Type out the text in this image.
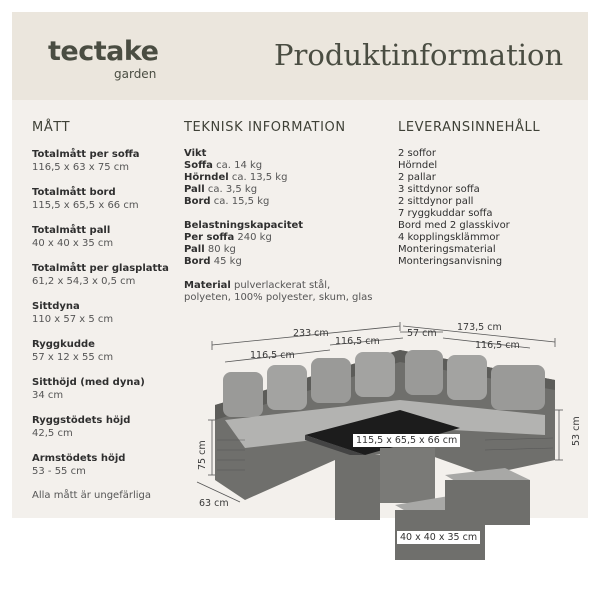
tectake
garden
Produktinformation
MÅTT	TEKNISK INFORMATION	LEVERANSINNEHÅLL
Totalmått per soffa
116,5 x 63 x 75 cm
Totalmått bord
115,5 x 65,5 x 66 cm
Totalmått pall
40 x 40 x 35 cm
Totalmått per glasplatta
61,2 x 54,3 x 0,5 cm
Sittdyna
110 x 57 x 5 cm
Ryggkudde
57 x 12 x 55 cm
Sitthöjd (med dyna)
34 cm
Ryggstödets höjd
42,5 cm
Armstödets höjd
53 - 55 cm
Alla mått är ungefärliga
Vikt
Soffa ca. 14 kg
Hörndel ca. 13,5 kg
Pall ca. 3,5 kg
Bord ca. 15,5 kg
Belastningskapacitet
Per soffa 240 kg
Pall 80 kg
Bord 45 kg
Material pulverlackerat stål,
polyeten, 100% polyester, skum, glas
2 soffor
Hörndel
2 pallar
3 sittdynor soffa
2 sittdynor pall
7 ryggkuddar soffa
Bord med 2 glasskivor
4 kopplingsklämmor
Monteringsmaterial
Monteringsanvisning
233 cm
116,5 cm
116,5 cm
57 cm
173,5 cm
116,5 cm
75 cm
63 cm
53 cm
115,5 x 65,5 x 66 cm
40 x 40 x 35 cm
